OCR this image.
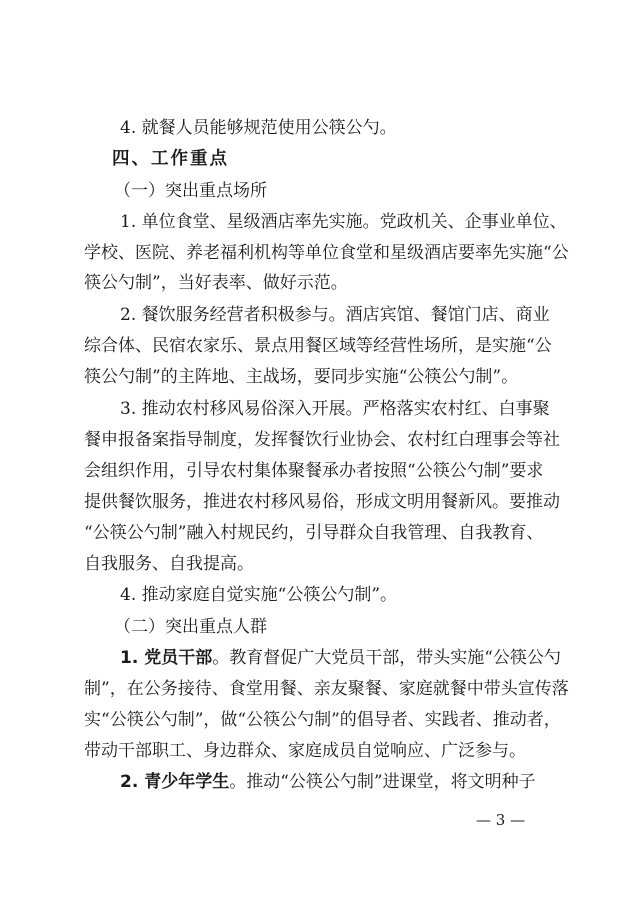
4. 就餐人员能够规范使用公筷公勺。
四、工作重点
（一）突出重点场所
1. 单位食堂、星级酒店率先实施。党政机关、企事业单位、
学校、医院、养老福利机构等单位食堂和星级酒店要率先实施“公
筷公勺制”，当好表率、做好示范。
2. 餐饮服务经营者积极参与。酒店宾馆、餐馆门店、商业
综合体、民宿农家乐、景点用餐区域等经营性场所，是实施“公
筷公勺制”的主阵地、主战场，要同步实施“公筷公勺制”。
3. 推动农村移风易俗深入开展。严格落实农村红、白事聚
餐申报备案指导制度，发挥餐饮行业协会、农村红白理事会等社
会组织作用，引导农村集体聚餐承办者按照“公筷公勺制”要求
提供餐饮服务，推进农村移风易俗，形成文明用餐新风。要推动
“公筷公勺制”融入村规民约，引导群众自我管理、自我教育、
自我服务、自我提高。
4. 推动家庭自觉实施“公筷公勺制”。
（二）突出重点人群
1. 党员干部。教育督促广大党员干部，带头实施“公筷公勺
制”，在公务接待、食堂用餐、亲友聚餐、家庭就餐中带头宣传落
实“公筷公勺制”，做“公筷公勺制”的倡导者、实践者、推动者，
带动干部职工、身边群众、家庭成员自觉响应、广泛参与。
2. 青少年学生。推动“公筷公勺制”进课堂，将文明种子
— 3 —
